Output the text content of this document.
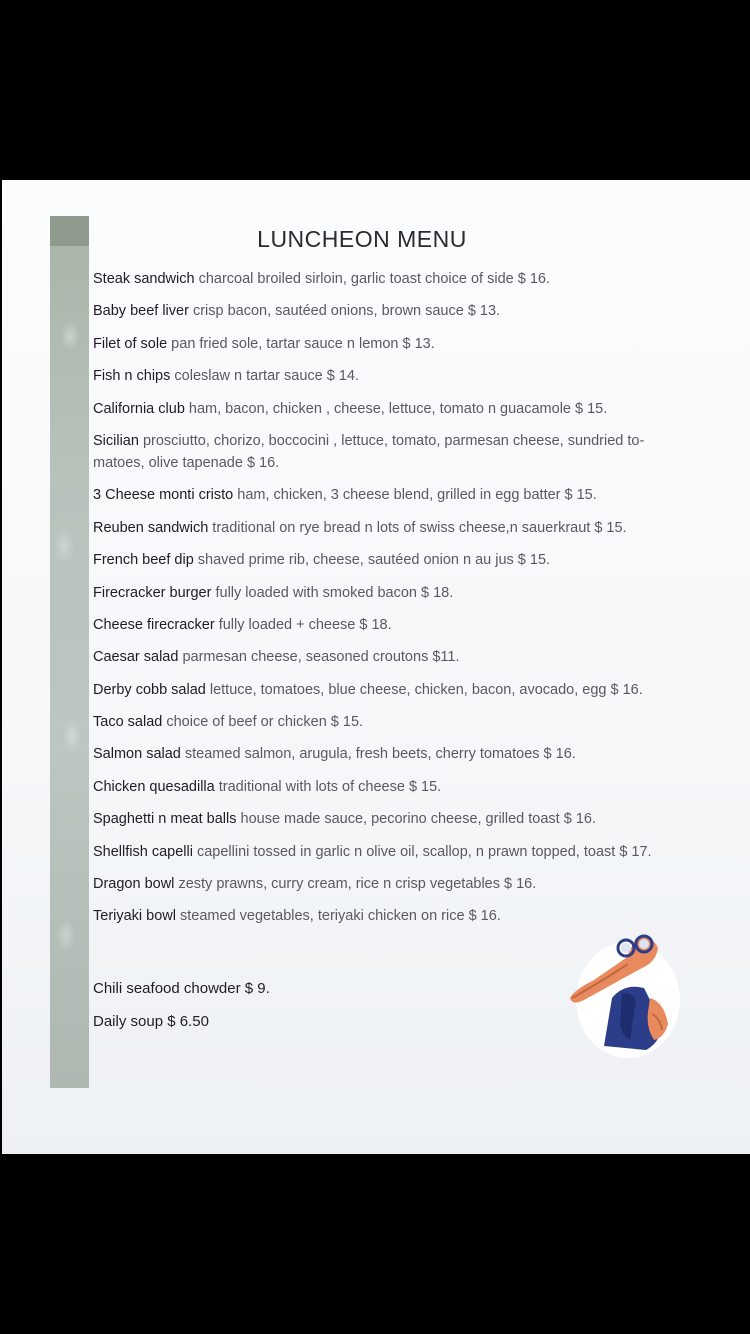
LUNCHEON MENU
Steak sandwich charcoal broiled sirloin, garlic toast choice of side $ 16.
Baby beef liver crisp bacon, sautéed onions, brown sauce $ 13.
Filet of sole pan fried sole, tartar sauce n lemon $ 13.
Fish n chips coleslaw n tartar sauce $ 14.
California club ham, bacon, chicken , cheese, lettuce, tomato n guacamole $ 15.
Sicilian prosciutto, chorizo, boccocini , lettuce, tomato, parmesan cheese, sundried to- matoes, olive tapenade $ 16.
3 Cheese monti cristo ham, chicken, 3 cheese blend, grilled in egg batter $ 15.
Reuben sandwich traditional on rye bread n lots of swiss cheese,n sauerkraut $ 15.
French beef dip shaved prime rib, cheese, sautéed onion n au jus $ 15.
Firecracker burger fully loaded with smoked bacon $ 18.
Cheese firecracker fully loaded + cheese $ 18.
Caesar salad parmesan cheese, seasoned croutons $11.
Derby cobb salad lettuce, tomatoes, blue cheese, chicken, bacon, avocado, egg $ 16.
Taco salad choice of beef or chicken $ 15.
Salmon salad steamed salmon, arugula, fresh beets, cherry tomatoes $ 16.
Chicken quesadilla traditional with lots of cheese $ 15.
Spaghetti n meat balls house made sauce, pecorino cheese, grilled toast $ 16.
Shellfish capelli capellini tossed in garlic n olive oil, scallop, n prawn topped, toast $ 17.
Dragon bowl zesty prawns, curry cream, rice n crisp vegetables $ 16.
Teriyaki bowl steamed vegetables, teriyaki chicken on rice $ 16.
Chili seafood chowder $ 9.
Daily soup $ 6.50
